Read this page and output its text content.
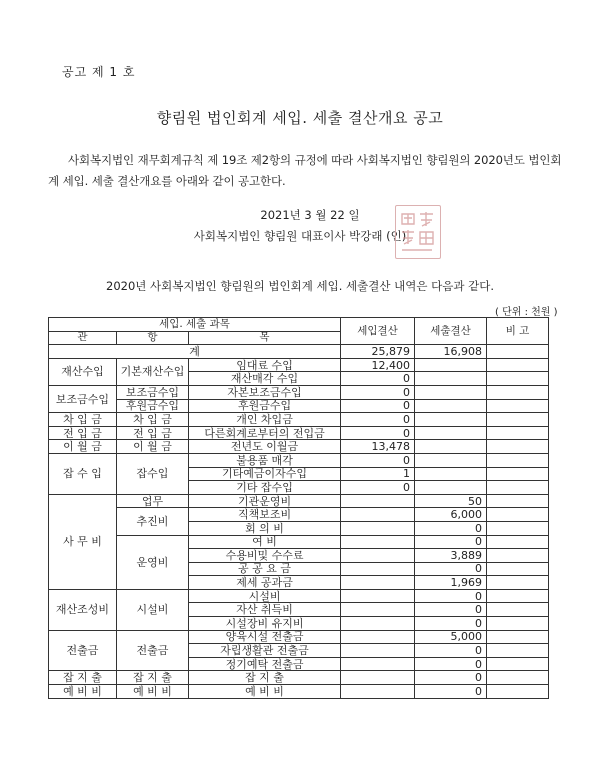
공고 제 1 호
향림원 법인회계 세입. 세출 결산개요 공고
사회복지법인 재무회계규칙 제 19조 제2항의 규정에 따라 사회복지법인 향림원의 2020년도 법인회계 세입. 세출 결산개요를 아래와 같이 공고한다.
2021년 3 월 22 일
사회복지법인 향림원 대표이사 박강래 (인)
2020년 사회복지법인 향림원의 법인회계 세입. 세출결산 내역은 다음과 같다.
( 단위 : 천원 )
세입. 세출 과목			세입결산	세출결산	비 고
관	항	목			
계			25,879	16,908	
재산수입	기본재산수입	임대료 수입	12,400		
		재산매각 수입	0		
보조금수입	보조금수입	자본보조금수입	0		
	후원금수입	후원금수입	0		
차 입 금	차 입 금	개인 차입금	0		
전 입 금	전 입 금	다른회계로부터의 전입금	0		
이 월 금	이 월 금	전년도 이월금	13,478		
잡 수 입	잡수입	불용품 매각	0		
		기타예금이자수입	1		
		기타 잡수입	0		
사 무 비	업무	기관운영비		50	
	추진비	직책보조비		6,000	
		회 의 비		0	
	운영비	여 비		0	
		수용비및 수수료		3,889	
		공 공 요 금		0	
		제세 공과금		1,969	
재산조성비	시설비	시설비		0	
		자산 취득비		0	
		시설장비 유지비		0	
전출금	전출금	양육시설 전출금		5,000	
		자립생활관 전출금		0	
		정기예탁 전출금		0	
잡 지 출	잡 지 출	잡 지 출		0	
예 비 비	예 비 비	예 비 비		0	
